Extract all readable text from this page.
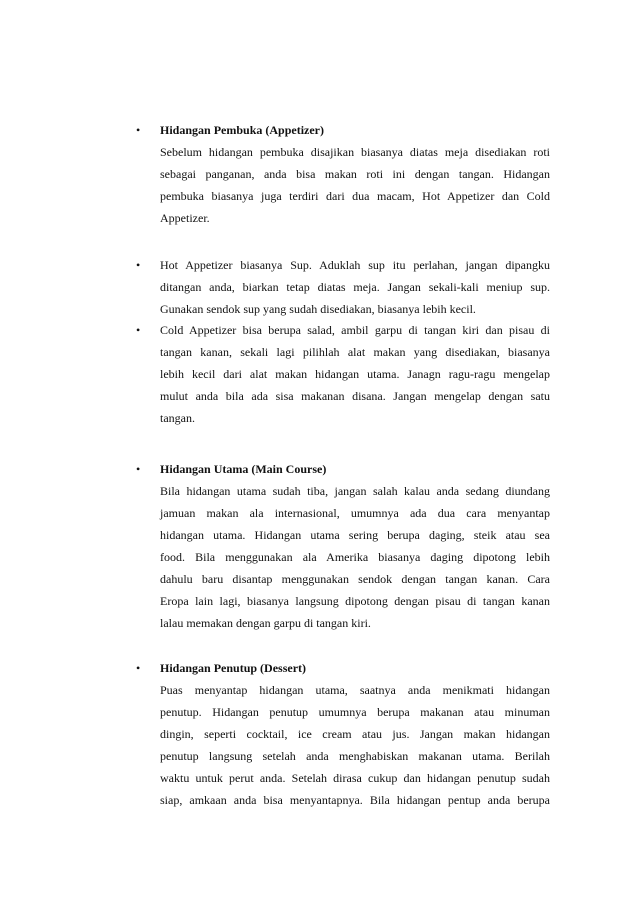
• Hidangan Pembuka (Appetizer)
Sebelum hidangan pembuka disajikan biasanya diatas meja disediakan roti
sebagai panganan, anda bisa makan roti ini dengan tangan. Hidangan
pembuka biasanya juga terdiri dari dua macam, Hot Appetizer dan Cold
Appetizer.
• Hot Appetizer biasanya Sup. Aduklah sup itu perlahan, jangan dipangku
ditangan anda, biarkan tetap diatas meja. Jangan sekali-kali meniup sup.
Gunakan sendok sup yang sudah disediakan, biasanya lebih kecil.
• Cold Appetizer bisa berupa salad, ambil garpu di tangan kiri dan pisau di
tangan kanan, sekali lagi pilihlah alat makan yang disediakan, biasanya
lebih kecil dari alat makan hidangan utama. Janagn ragu-ragu mengelap
mulut anda bila ada sisa makanan disana. Jangan mengelap dengan satu
tangan.
• Hidangan Utama (Main Course)
Bila hidangan utama sudah tiba, jangan salah kalau anda sedang diundang
jamuan makan ala internasional, umumnya ada dua cara menyantap
hidangan utama. Hidangan utama sering berupa daging, steik atau sea
food. Bila menggunakan ala Amerika biasanya daging dipotong lebih
dahulu baru disantap menggunakan sendok dengan tangan kanan. Cara
Eropa lain lagi, biasanya langsung dipotong dengan pisau di tangan kanan
lalau memakan dengan garpu di tangan kiri.
• Hidangan Penutup (Dessert)
Puas menyantap hidangan utama, saatnya anda menikmati hidangan
penutup. Hidangan penutup umumnya berupa makanan atau minuman
dingin, seperti cocktail, ice cream atau jus. Jangan makan hidangan
penutup langsung setelah anda menghabiskan makanan utama. Berilah
waktu untuk perut anda. Setelah dirasa cukup dan hidangan penutup sudah
siap, amkaan anda bisa menyantapnya. Bila hidangan pentup anda berupa
